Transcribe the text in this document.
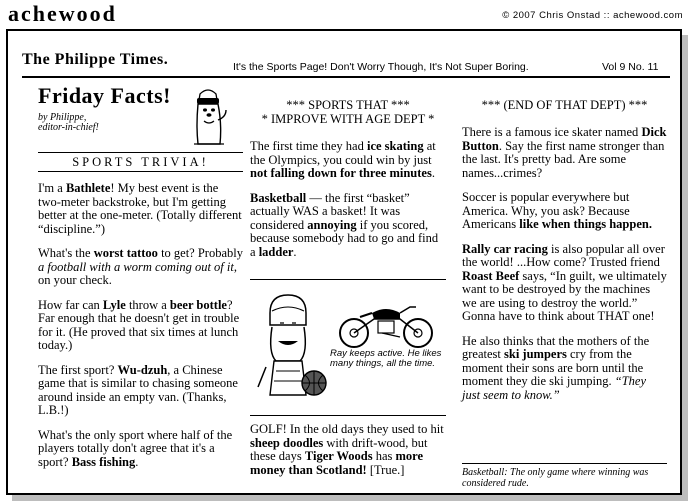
achewood	© 2007 Chris Onstad :: achewood.com
The Philippe Times.	It's the Sports Page! Don't Worry Though, It's Not Super Boring.	Vol 9 No. 11
Friday Facts!
by Philippe,
editor-in-chief!
SPORTS TRIVIA!

I'm a Bathlete! My best event is the two-meter backstroke, but I'm getting better at the one-meter. (Totally different “discipline.”)

What's the worst tattoo to get? Probably a football with a worm coming out of it, on your check.

How far can Lyle throw a beer bottle? Far enough that he doesn't get in trouble for it. (He proved that six times at lunch today.)

The first sport? Wu-dzuh, a Chinese game that is similar to chasing someone around inside an empty van. (Thanks, L.B.!)

What's the only sport where half of the players totally don't agree that it's a sport? Bass fishing.

*** SPORTS THAT ***
* IMPROVE WITH AGE DEPT *

The first time they had ice skating at the Olympics, you could win by just not falling down for three minutes.

Basketball — the first “basket” actually WAS a basket! It was considered annoying if you scored, because somebody had to go and find a ladder.

Ray keeps active. He likes many things, all the time.

GOLF! In the old days they used to hit sheep doodles with drift-wood, but these days Tiger Woods has more money than Scotland! [True.]

*** (END OF THAT DEPT) ***

There is a famous ice skater named Dick Button. Say the first name stronger than the last. It's pretty bad. Are some names...crimes?

Soccer is popular everywhere but America. Why, you ask? Because Americans like when things happen.

Rally car racing is also popular all over the world! ...How come? Trusted friend Roast Beef says, “In guilt, we ultimately want to be destroyed by the machines we are using to destroy the world.” Gonna have to think about THAT one!

He also thinks that the mothers of the greatest ski jumpers cry from the moment their sons are born until the moment they die ski jumping. “They just seem to know.”

Basketball: The only game where winning was considered rude.
